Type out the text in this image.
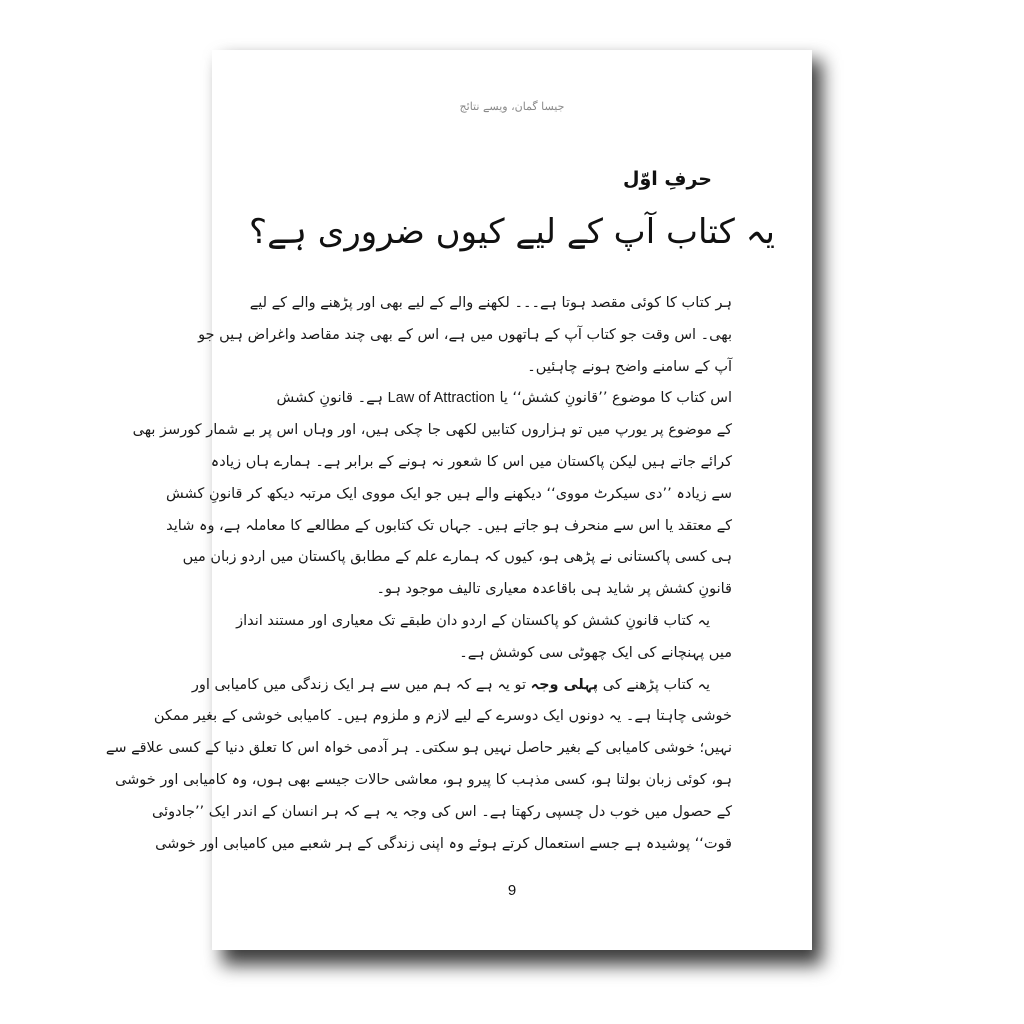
جیسا گمان، ویسے نتائج
حرفِ اوّل
یہ کتاب آپ کے لیے کیوں ضروری ہے؟
ہر کتاب کا کوئی مقصد ہوتا ہے۔۔۔ لکھنے والے کے لیے بھی اور پڑھنے والے کے لیے
بھی۔ اس وقت جو کتاب آپ کے ہاتھوں میں ہے، اس کے بھی چند مقاصد واغراض ہیں جو
آپ کے سامنے واضح ہونے چاہئیں۔
اس کتاب کا موضوع ’’قانونِ کشش‘‘ یا Law of Attraction ہے۔ قانونِ کشش
کے موضوع پر یورپ میں تو ہزاروں کتابیں لکھی جا چکی ہیں، اور وہاں اس پر بے شمار کورسز بھی
کرائے جاتے ہیں لیکن پاکستان میں اس کا شعور نہ ہونے کے برابر ہے۔ ہمارے ہاں زیادہ
سے زیادہ ’’دی سیکرٹ مووی‘‘ دیکھنے والے ہیں جو ایک مووی ایک مرتبہ دیکھ کر قانونِ کشش
کے معتقد یا اس سے منحرف ہو جاتے ہیں۔ جہاں تک کتابوں کے مطالعے کا معاملہ ہے، وہ شاید
ہی کسی پاکستانی نے پڑھی ہو، کیوں کہ ہمارے علم کے مطابق پاکستان میں اردو زبان میں
قانونِ کشش پر شاید ہی باقاعدہ معیاری تالیف موجود ہو۔
یہ کتاب قانونِ کشش کو پاکستان کے اردو دان طبقے تک معیاری اور مستند انداز
میں پہنچانے کی ایک چھوٹی سی کوشش ہے۔
یہ کتاب پڑھنے کی پہلی وجہ تو یہ ہے کہ ہم میں سے ہر ایک زندگی میں کامیابی اور
خوشی چاہتا ہے۔ یہ دونوں ایک دوسرے کے لیے لازم و ملزوم ہیں۔ کامیابی خوشی کے بغیر ممکن
نہیں؛ خوشی کامیابی کے بغیر حاصل نہیں ہو سکتی۔ ہر آدمی خواہ اس کا تعلق دنیا کے کسی علاقے سے
ہو، کوئی زبان بولتا ہو، کسی مذہب کا پیرو ہو، معاشی حالات جیسے بھی ہوں، وہ کامیابی اور خوشی
کے حصول میں خوب دل چسپی رکھتا ہے۔ اس کی وجہ یہ ہے کہ ہر انسان کے اندر ایک ’’جادوئی
قوت‘‘ پوشیدہ ہے جسے استعمال کرتے ہوئے وہ اپنی زندگی کے ہر شعبے میں کامیابی اور خوشی
9
